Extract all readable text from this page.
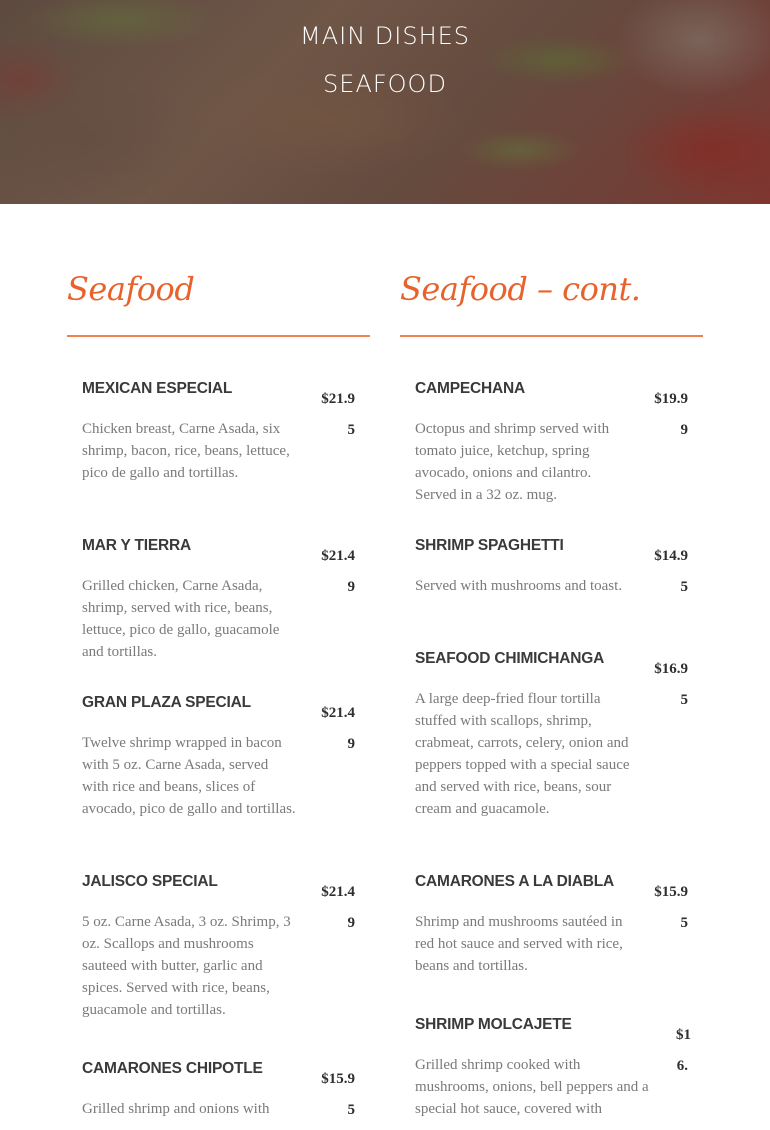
MAIN DISHES
SEAFOOD
Seafood
MEXICAN ESPECIAL
Chicken breast, Carne Asada, six shrimp, bacon, rice, beans, lettuce, pico de gallo and tortillas.
$21.95
MAR Y TIERRA
Grilled chicken, Carne Asada, shrimp, served with rice, beans, lettuce, pico de gallo, guacamole and tortillas.
$21.49
GRAN PLAZA SPECIAL
Twelve shrimp wrapped in bacon with 5 oz. Carne Asada, served with rice and beans, slices of avocado, pico de gallo and tortillas.
$21.49
JALISCO SPECIAL
5 oz. Carne Asada, 3 oz. Shrimp, 3 oz. Scallops and mushrooms sauteed with butter, garlic and spices. Served with rice, beans, guacamole and tortillas.
$21.49
CAMARONES CHIPOTLE
Grilled shrimp and onions with
$15.95
Seafood – cont.
CAMPECHANA
Octopus and shrimp served with tomato juice, ketchup, spring avocado, onions and cilantro. Served in a 32 oz. mug.
$19.99
SHRIMP SPAGHETTI
Served with mushrooms and toast.
$14.95
SEAFOOD CHIMICHANGA
A large deep-fried flour tortilla stuffed with scallops, shrimp, crabmeat, carrots, celery, onion and peppers topped with a special sauce and served with rice, beans, sour cream and guacamole.
$16.95
CAMARONES A LA DIABLA
Shrimp and mushrooms sautéed in red hot sauce and served with rice, beans and tortillas.
$15.95
SHRIMP MOLCAJETE
Grilled shrimp cooked with mushrooms, onions, bell peppers and a special hot sauce, covered with
$16.
